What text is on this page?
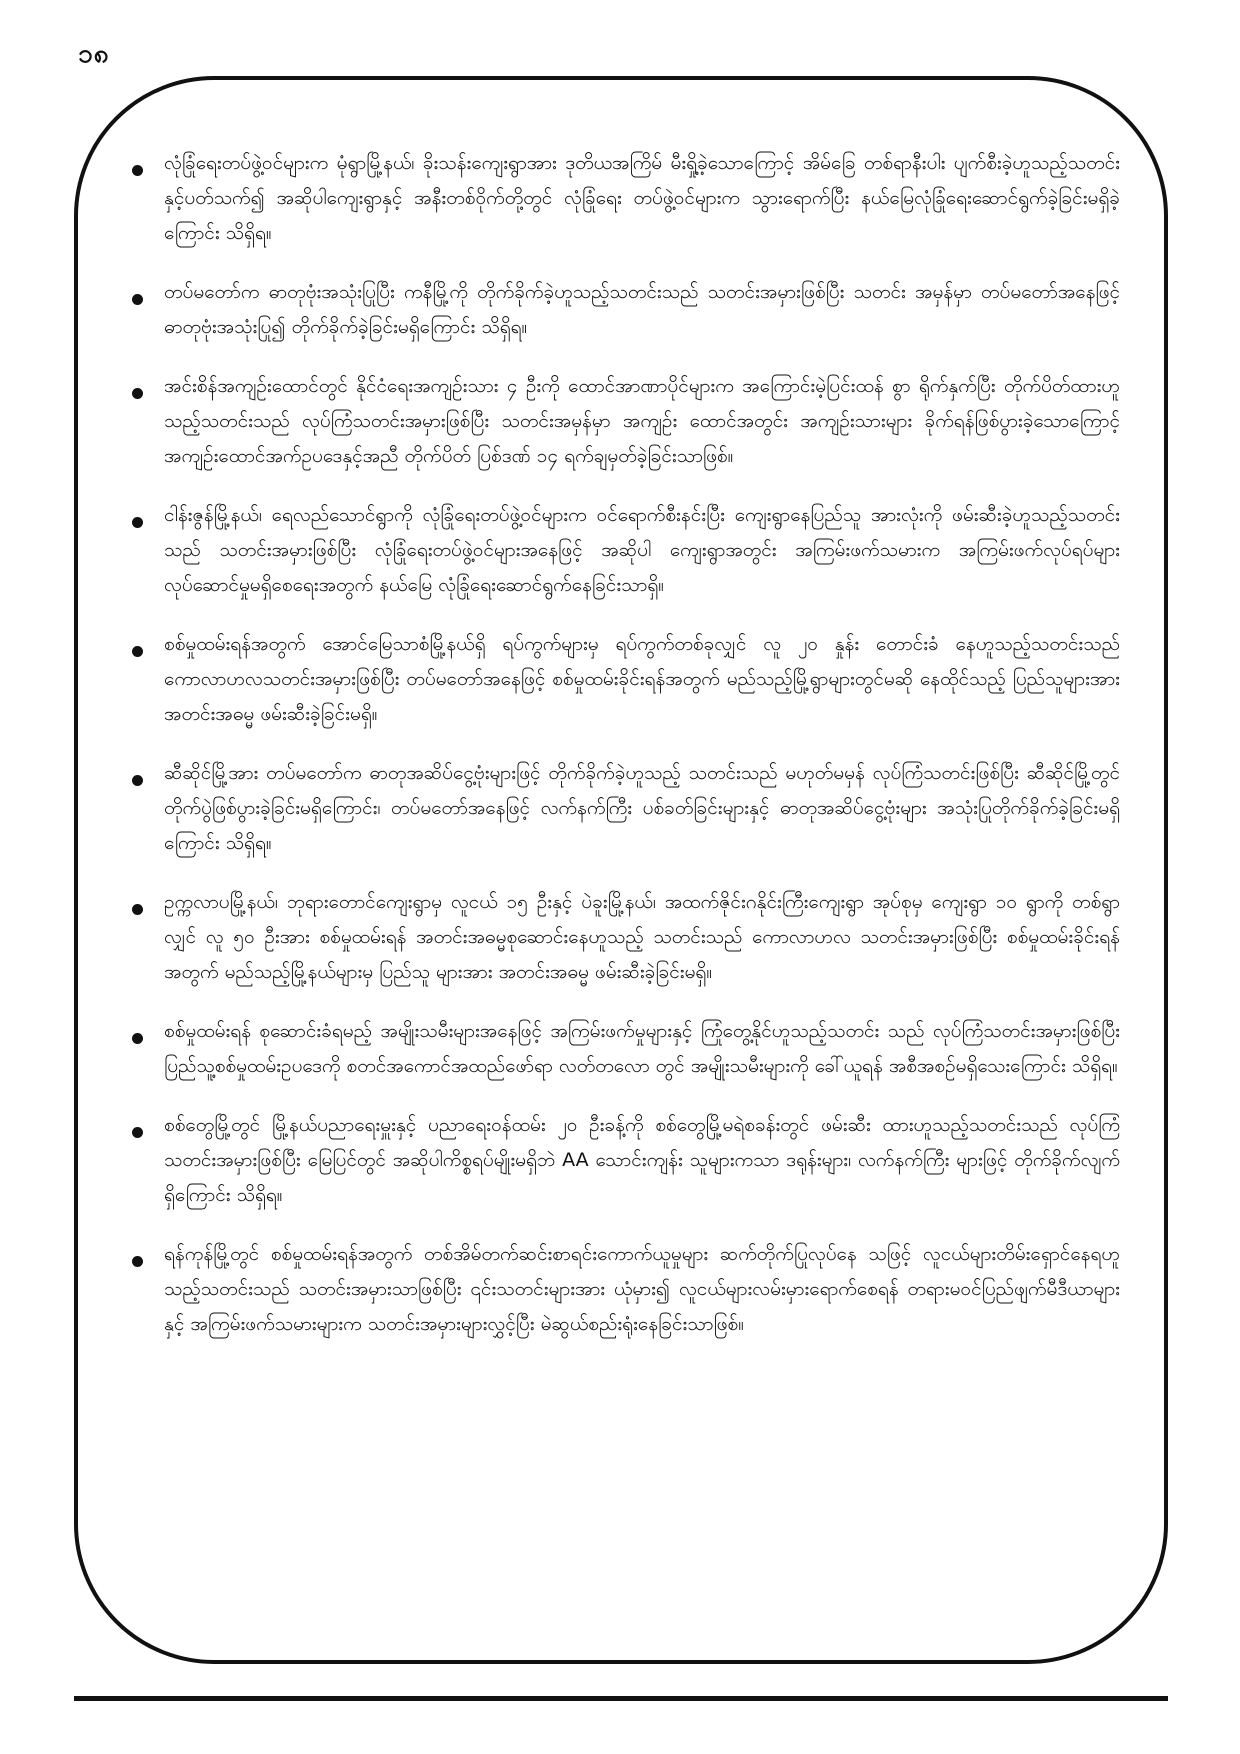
၁၈
လုံခြုံရေးတပ်ဖွဲ့ဝင်များက မုံရွာမြို့နယ်၊ ခိုးသန်းကျေးရွာအား ဒုတိယအကြိမ် မီးရှို့ခဲ့သောကြောင့် အိမ်ခြေ တစ်ရာနီးပါး ပျက်စီးခဲ့ဟူသည့်သတင်းနှင့်ပတ်သက်၍ အဆိုပါကျေးရွာနှင့် အနီးတစ်ဝိုက်တို့တွင် လုံခြုံရေး တပ်ဖွဲ့ဝင်များက သွားရောက်ပြီး နယ်မြေလုံခြုံရေးဆောင်ရွက်ခဲ့ခြင်းမရှိခဲ့ကြောင်း သိရှိရ။
တပ်မတော်က ဓာတုဗုံးအသုံးပြုပြီး ကနီမြို့ကို တိုက်ခိုက်ခဲ့ဟူသည့်သတင်းသည် သတင်းအမှားဖြစ်ပြီး သတင်း အမှန်မှာ တပ်မတော်အနေဖြင့် ဓာတုဗုံးအသုံးပြု၍ တိုက်ခိုက်ခဲ့ခြင်းမရှိကြောင်း သိရှိရ။
အင်းစိန်အကျဉ်းထောင်တွင် နိုင်ငံရေးအကျဉ်းသား ၄ ဦးကို ထောင်အာဏာပိုင်များက အကြောင်းမဲ့ပြင်းထန် စွာ ရိုက်နှက်ပြီး တိုက်ပိတ်ထားဟူသည့်သတင်းသည် လုပ်ကြံသတင်းအမှားဖြစ်ပြီး သတင်းအမှန်မှာ အကျဉ်း ထောင်အတွင်း အကျဉ်းသားများ ခိုက်ရန်ဖြစ်ပွားခဲ့သောကြောင့် အကျဉ်းထောင်အက်ဥပဒေနှင့်အညီ တိုက်ပိတ် ပြစ်ဒဏ် ၁၄ ရက်ချမှတ်ခဲ့ခြင်းသာဖြစ်။
ငါန်းဇွန်မြို့နယ်၊ ရေလည်သောင်ရွာကို လုံခြုံရေးတပ်ဖွဲ့ဝင်များက ဝင်ရောက်စီးနင်းပြီး ကျေးရွာနေပြည်သူ အားလုံးကို ဖမ်းဆီးခဲ့ဟူသည့်သတင်းသည် သတင်းအမှားဖြစ်ပြီး လုံခြုံရေးတပ်ဖွဲ့ဝင်များအနေဖြင့် အဆိုပါ ကျေးရွာအတွင်း အကြမ်းဖက်သမားက အကြမ်းဖက်လုပ်ရပ်များ လုပ်ဆောင်မှုမရှိစေရေးအတွက် နယ်မြေ လုံခြုံရေးဆောင်ရွက်နေခြင်းသာရှိ။
စစ်မှုထမ်းရန်အတွက် အောင်မြေသာစံမြို့နယ်ရှိ ရပ်ကွက်များမှ ရပ်ကွက်တစ်ခုလျှင် လူ ၂၀ နှုန်း တောင်းခံ နေဟူသည့်သတင်းသည် ကောလာဟလသတင်းအမှားဖြစ်ပြီး တပ်မတော်အနေဖြင့် စစ်မှုထမ်းခိုင်းရန်အတွက် မည်သည့်မြို့ရွာများတွင်မဆို နေထိုင်သည့် ပြည်သူများအား အတင်းအဓမ္မ ဖမ်းဆီးခဲ့ခြင်းမရှိ။
ဆီဆိုင်မြို့အား တပ်မတော်က ဓာတုအဆိပ်ငွေ့ဗုံးများဖြင့် တိုက်ခိုက်ခဲ့ဟူသည့် သတင်းသည် မဟုတ်မမှန် လုပ်ကြံသတင်းဖြစ်ပြီး ဆီဆိုင်မြို့တွင် တိုက်ပွဲဖြစ်ပွားခဲ့ခြင်းမရှိကြောင်း၊ တပ်မတော်အနေဖြင့် လက်နက်ကြီး ပစ်ခတ်ခြင်းများနှင့် ဓာတုအဆိပ်ငွေ့ဗုံးများ အသုံးပြုတိုက်ခိုက်ခဲ့ခြင်းမရှိကြောင်း သိရှိရ။
ဥက္ကလာပမြို့နယ်၊ ဘုရားတောင်ကျေးရွာမှ လူငယ် ၁၅ ဦးနှင့် ပဲခူးမြို့နယ်၊ အထက်ဇိုင်းဂနိုင်းကြီးကျေးရွာ အုပ်စုမှ ကျေးရွာ ၁၀ ရွာကို တစ်ရွာလျှင် လူ ၅၀ ဦးအား စစ်မှုထမ်းရန် အတင်းအဓမ္မစုဆောင်းနေဟူသည့် သတင်းသည် ကောလာဟလ သတင်းအမှားဖြစ်ပြီး စစ်မှုထမ်းခိုင်းရန်အတွက် မည်သည့်မြို့နယ်များမှ ပြည်သူ များအား အတင်းအဓမ္မ ဖမ်းဆီးခဲ့ခြင်းမရှိ။
စစ်မှုထမ်းရန် စုဆောင်းခံရမည့် အမျိုးသမီးများအနေဖြင့် အကြမ်းဖက်မှုများနှင့် ကြုံတွေ့နိုင်ဟူသည့်သတင်း သည် လုပ်ကြံသတင်းအမှားဖြစ်ပြီး ပြည်သူ့စစ်မှုထမ်းဥပဒေကို စတင်အကောင်အထည်ဖော်ရာ လတ်တလော တွင် အမျိုးသမီးများကို ခေါ်ယူရန် အစီအစဉ်မရှိသေးကြောင်း သိရှိရ။
စစ်တွေမြို့တွင် မြို့နယ်ပညာရေးမှူးနှင့် ပညာရေးဝန်ထမ်း ၂၀ ဦးခန့်ကို စစ်တွေမြို့မရဲစခန်းတွင် ဖမ်းဆီး ထားဟူသည့်သတင်းသည် လုပ်ကြံသတင်းအမှားဖြစ်ပြီး မြေပြင်တွင် အဆိုပါကိစ္စရပ်မျိုးမရှိဘဲ AA သောင်းကျန်း သူများကသာ ဒရုန်းများ၊ လက်နက်ကြီး များဖြင့် တိုက်ခိုက်လျက်ရှိကြောင်း သိရှိရ။
ရန်ကုန်မြို့တွင် စစ်မှုထမ်းရန်အတွက် တစ်အိမ်တက်ဆင်းစာရင်းကောက်ယူမှုများ ဆက်တိုက်ပြုလုပ်နေ သဖြင့် လူငယ်များတိမ်းရှောင်နေရဟူသည့်သတင်းသည် သတင်းအမှားသာဖြစ်ပြီး ၎င်းသတင်းများအား ယုံမှား၍ လူငယ်များလမ်းမှားရောက်စေရန် တရားမဝင်ပြည်ဖျက်မီဒီယာများနှင့် အကြမ်းဖက်သမားများက သတင်းအမှားများလွှင့်ပြီး မဲဆွယ်စည်းရုံးနေခြင်းသာဖြစ်။
